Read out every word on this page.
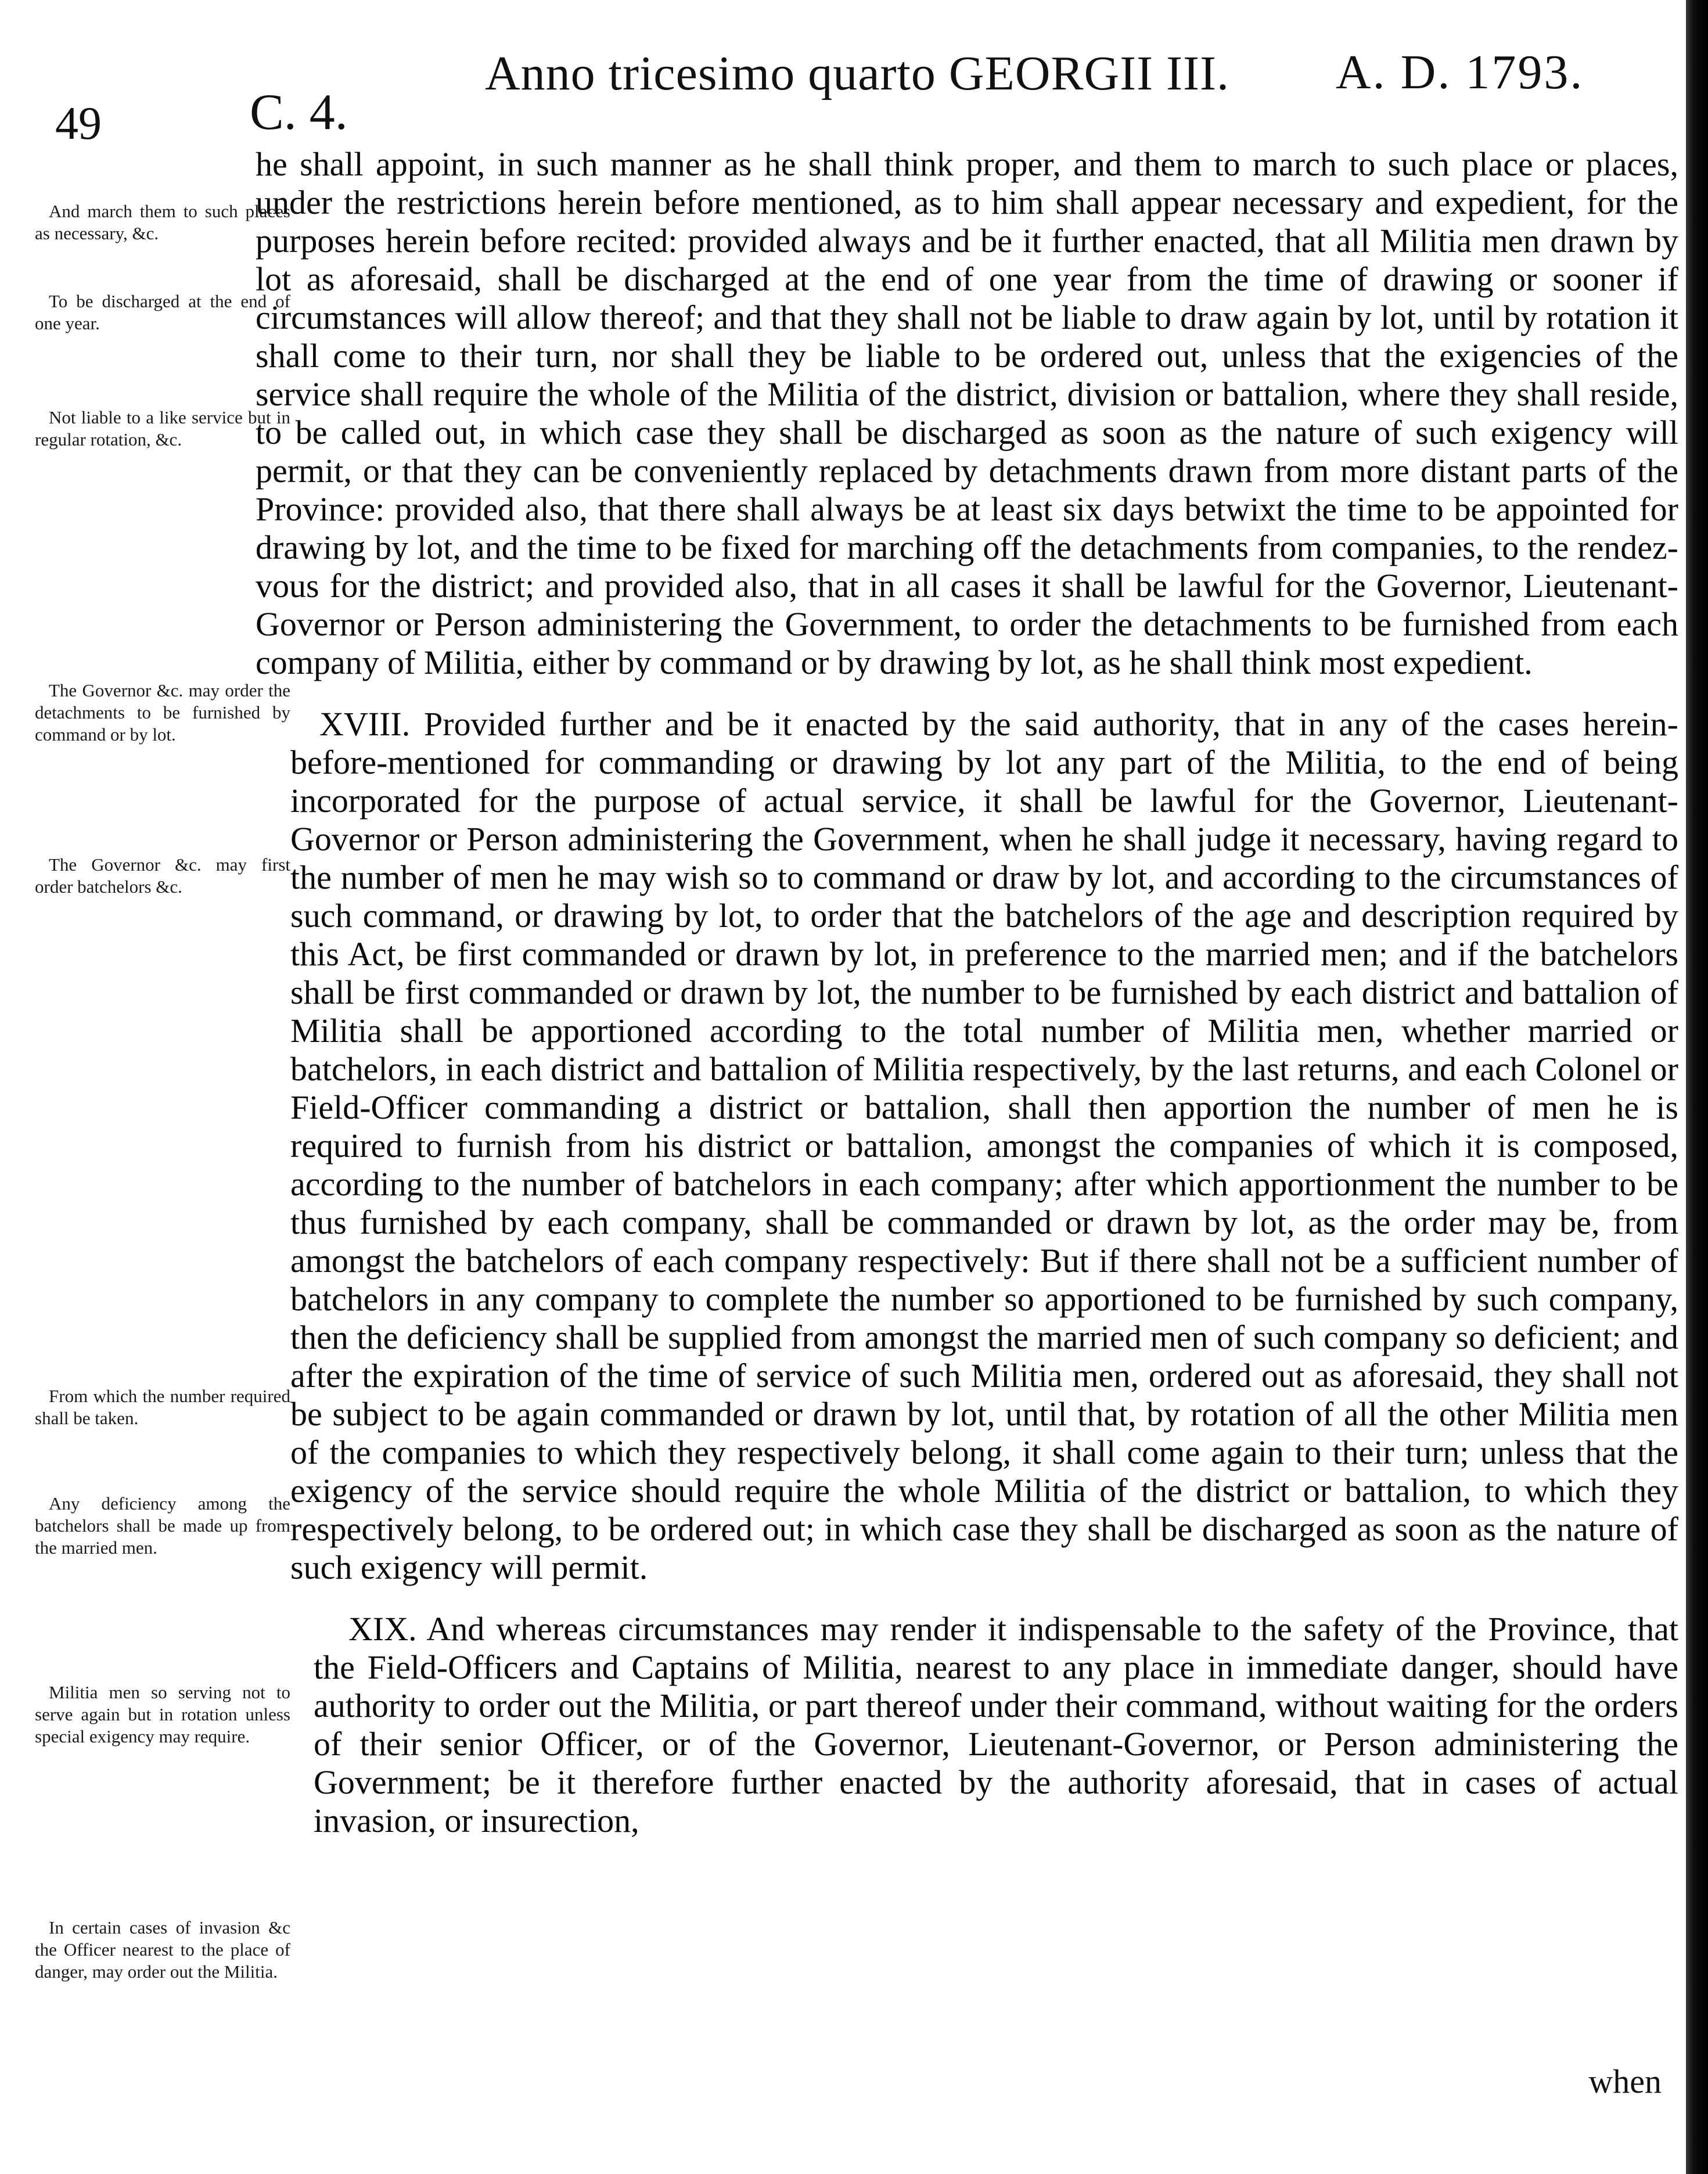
49	C. 4.
Anno tricesimo quarto GEORGII III. A. D. 1793.
And march them to such places as necessary, &c.
To be discharged at the end of one year.
Not liable to a like service but in regular rotation, &c.
The Governor &c. may order the detachments to be furnished by command or by lot.
The Governor &c. may first order batchelors &c.
From which the number required shall be taken.
Any deficiency among the batchelors shall be made up from the married men.
Militia men so serving not to serve again but in rotation unless special exigency may require.
In certain cases of invasion &c the Officer nearest to the place of danger, may order out the Militia.

he shall appoint, in such manner as he shall think proper, and them to march to such place or places, under the restrictions herein before mentioned, as to him shall appear necessary and expedient, for the purposes herein before recited: provided always and be it further enacted, that all Militia men drawn by lot as aforesaid, shall be discharged at the end of one year from the time of drawing or sooner if circumstances will allow thereof; and that they shall not be liable to draw again by lot, until by rotation it shall come to their turn, nor shall they be liable to be ordered out, unless that the exigencies of the service shall require the whole of the Militia of the district, division or battalion, where they shall reside, to be called out, in which case they shall be discharged as soon as the nature of such exigency will permit, or that they can be conveniently replaced by detachments drawn from more distant parts of the Province: provided also, that there shall always be at least six days betwixt the time to be appointed for drawing by lot, and the time to be fixed for marching off the detachments from companies, to the rendez-vous for the district; and provided also, that in all cases it shall be lawful for the Governor, Lieutenant-Governor or Person administering the Government, to order the detachments to be furnished from each company of Militia, either by command or by drawing by lot, as he shall think most expedient.

XVIII. Provided further and be it enacted by the said authority, that in any of the cases herein-before-mentioned for commanding or drawing by lot any part of the Militia, to the end of being incorporated for the purpose of actual service, it shall be lawful for the Governor, Lieutenant-Governor or Person administering the Government, when he shall judge it necessary, having regard to the number of men he may wish so to command or draw by lot, and according to the circumstances of such command, or drawing by lot, to order that the batchelors of the age and description required by this Act, be first commanded or drawn by lot, in preference to the married men; and if the batchelors shall be first commanded or drawn by lot, the number to be furnished by each district and battalion of Militia shall be apportioned according to the total number of Militia men, whether married or batchelors, in each district and battalion of Militia respectively, by the last returns, and each Colonel or Field-Officer commanding a district or battalion, shall then apportion the number of men he is required to furnish from his district or battalion, amongst the companies of which it is composed, according to the number of batchelors in each company; after which apportionment the number to be thus furnished by each company, shall be commanded or drawn by lot, as the order may be, from amongst the batchelors of each company respectively: But if there shall not be a sufficient number of batchelors in any company to complete the number so apportioned to be furnished by such company, then the deficiency shall be supplied from amongst the married men of such company so deficient; and after the expiration of the time of service of such Militia men, ordered out as aforesaid, they shall not be subject to be again commanded or drawn by lot, until that, by rotation of all the other Militia men of the companies to which they respectively belong, it shall come again to their turn; unless that the exigency of the service should require the whole Militia of the district or battalion, to which they respectively belong, to be ordered out; in which case they shall be discharged as soon as the nature of such exigency will permit.

XIX. And whereas circumstances may render it indispensable to the safety of the Province, that the Field-Officers and Captains of Militia, nearest to any place in immediate danger, should have authority to order out the Militia, or part thereof under their command, without waiting for the orders of their senior Officer, or of the Governor, Lieutenant-Governor, or Person administering the Government; be it therefore further enacted by the authority aforesaid, that in cases of actual invasion, or insurection,

when
